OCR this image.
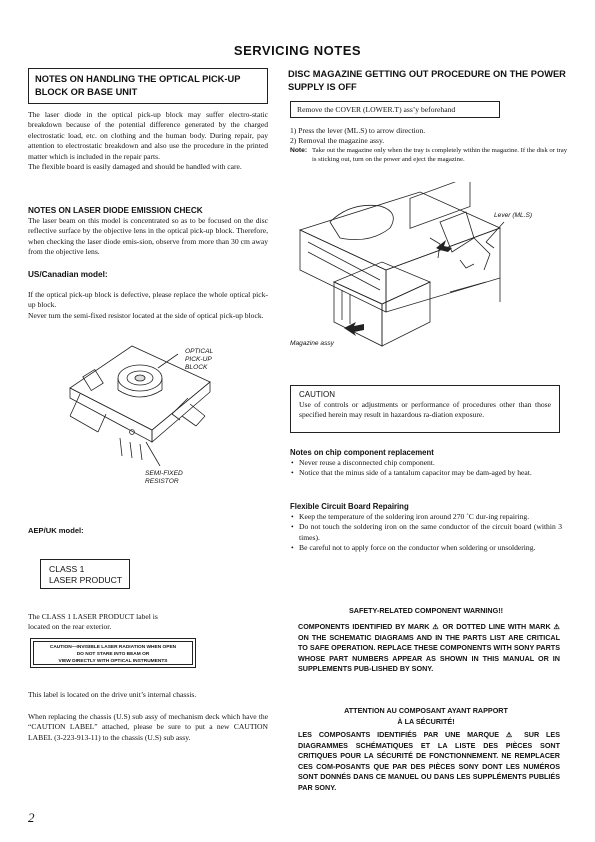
SERVICING NOTES
NOTES ON HANDLING THE OPTICAL PICK-UP BLOCK OR BASE UNIT
The laser diode in the optical pick-up block may suffer electro-static breakdown because of the potential difference generated by the charged electrostatic load, etc. on clothing and the human body. During repair, pay attention to electrostatic breakdown and also use the procedure in the printed matter which is included in the repair parts.
The flexible board is easily damaged and should be handled with care.
NOTES ON LASER DIODE EMISSION CHECK
The laser beam on this model is concentrated so as to be focused on the disc reflective surface by the objective lens in the optical pick-up block. Therefore, when checking the laser diode emis-sion, observe from more than 30 cm away from the objective lens.
US/Canadian model:
If the optical pick-up block is defective, please replace the whole optical pick-up block.
Never turn the semi-fixed resistor located at the side of optical pick-up block.
OPTICAL
PICK-UP
BLOCK
SEMI-FIXED
RESISTOR
AEP/UK model:
CLASS 1
LASER PRODUCT
The CLASS 1 LASER PRODUCT label is
located on the rear exterior.
CAUTION—INVISIBLE LASER RADIATION WHEN OPEN
DO NOT STARE INTO BEAM OR
VIEW DIRECTLY WITH OPTICAL INSTRUMENTS
This label is located on the drive unit’s internal chassis.
When replacing the chassis (U.S) sub assy of mechanism deck which have the “CAUTION LABEL” attached, please be sure to put a new CAUTION LABEL (3-223-913-11) to the chassis (U.S) sub assy.
2
DISC MAGAZINE GETTING OUT PROCEDURE ON THE POWER SUPPLY IS OFF
Remove the COVER (LOWER.T) ass’y beforehand
1) Press the lever (ML.S) to arrow direction.
2) Removal the magazine assy.
Note: Take out the magazine only when the tray is completely within the magazine. If the disk or tray is sticking out, turn on the power and eject the magazine.
Lever (ML.S)
Magazine assy
CAUTION
Use of controls or adjustments or performance of procedures other than those specified herein may result in hazardous ra-diation exposure.
Notes on chip component replacement
• Never reuse a disconnected chip component.
• Notice that the minus side of a tantalum capacitor may be dam-aged by heat.
Flexible Circuit Board Repairing
• Keep the temperature of the soldering iron around 270 ˚C dur-ing repairing.
• Do not touch the soldering iron on the same conductor of the circuit board (within 3 times).
• Be careful not to apply force on the conductor when soldering or unsoldering.
SAFETY-RELATED COMPONENT WARNING!!
COMPONENTS IDENTIFIED BY MARK ⚠ OR DOTTED LINE WITH MARK ⚠ ON THE SCHEMATIC DIAGRAMS AND IN THE PARTS LIST ARE CRITICAL TO SAFE OPERATION. REPLACE THESE COMPONENTS WITH SONY PARTS WHOSE PART NUMBERS APPEAR AS SHOWN IN THIS MANUAL OR IN SUPPLEMENTS PUB-LISHED BY SONY.
ATTENTION AU COMPOSANT AYANT RAPPORT
À LA SÉCURITÉ!
LES COMPOSANTS IDENTIFIÉS PAR UNE MARQUE ⚠ SUR LES DIAGRAMMES SCHÉMATIQUES ET LA LISTE DES PIÈCES SONT CRITIQUES POUR LA SÉCURITÉ DE FONCTIONNEMENT. NE REMPLACER CES COM-POSANTS QUE PAR DES PIÈCES SONY DONT LES NUMÉROS SONT DONNÉS DANS CE MANUEL OU DANS LES SUPPLÉMENTS PUBLIÉS PAR SONY.
